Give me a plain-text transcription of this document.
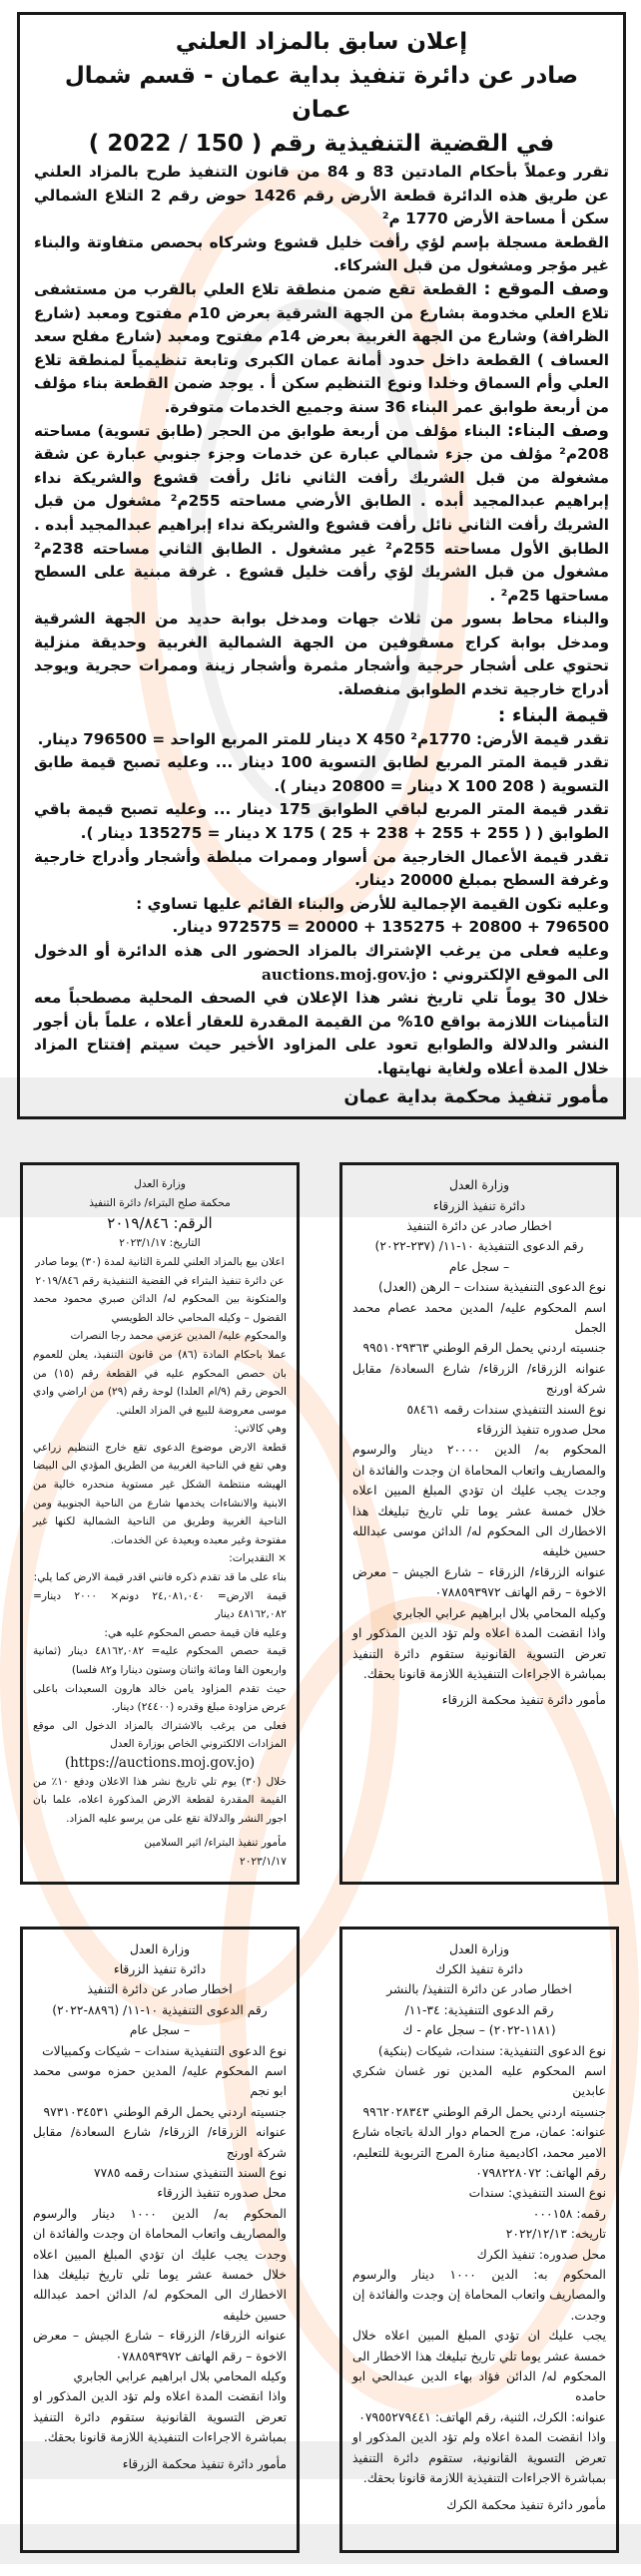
إعلان سابق بالمزاد العلني

صادر عن دائرة تنفيذ بداية عمان - قسم شمال عمان

في القضية التنفيذية رقم ( 150 / 2022 )

تقرر وعملاً بأحكام المادتين 83 و 84 من قانون التنفيذ طرح بالمزاد العلني عن طريق هذه الدائرة قطعة الأرض رقم 1426 حوض رقم 2 التلاع الشمالي سكن أ مساحة الأرض 1770 م²

القطعة مسجلة بإسم لؤي رأفت خليل قشوع وشركاه بحصص متفاوتة والبناء غير مؤجر ومشغول من قبل الشركاء.

وصف الموقع : القطعة تقع ضمن منطقة تلاع العلي بالقرب من مستشفى تلاع العلي مخدومة بشارع من الجهة الشرقية بعرض 10م مفتوح ومعبد (شارع الظرافة) وشارع من الجهة الغربية بعرض 14م مفتوح ومعبد (شارع مفلح سعد العساف ) القطعة داخل حدود أمانة عمان الكبرى وتابعة تنظيمياً لمنطقة تلاع العلي وأم السماق وخلدا ونوع التنظيم سكن أ . يوجد ضمن القطعة بناء مؤلف من أربعة طوابق عمر البناء 36 سنة وجميع الخدمات متوفرة.

وصف البناء: البناء مؤلف من أربعة طوابق من الحجر (طابق تسوية) مساحته 208م² مؤلف من جزء شمالي عبارة عن خدمات وجزء جنوبي عبارة عن شقة مشغولة من قبل الشريك رأفت الثاني نائل رأفت قشوع والشريكة نداء إبراهيم عبدالمجيد أبده . الطابق الأرضي مساحته 255م² مشغول من قبل الشريك رأفت الثاني نائل رأفت قشوع والشريكة نداء إبراهيم عبدالمجيد أبده . الطابق الأول مساحته 255م² غير مشغول . الطابق الثاني مساحته 238م² مشغول من قبل الشريك لؤي رأفت خليل قشوع . غرفة مبنية على السطح مساحتها 25م² .

والبناء محاط بسور من ثلاث جهات ومدخل بوابة حديد من الجهة الشرقية ومدخل بوابة كراج مسقوفين من الجهة الشمالية الغربية وحديقة منزلية تحتوي على أشجار حرجية وأشجار مثمرة وأشجار زينة وممرات حجرية ويوجد أدراج خارجية تخدم الطوابق منفصلة.

قيمة البناء :

تقدر قيمة الأرض: 1770م² X 450 دينار للمتر المربع الواحد = 796500 دينار.

تقدر قيمة المتر المربع لطابق التسوية 100 دينار ... وعليه تصبح قيمة طابق التسوية ( 208 X 100 دينار = 20800 دينار ).

تقدر قيمة المتر المربع لباقي الطوابق 175 دينار ... وعليه تصبح قيمة باقي الطوابق ( ( 255 + 255 + 238 + 25 ) X 175 دينار = 135275 دينار ).

تقدر قيمة الأعمال الخارجية من أسوار وممرات مبلطة وأشجار وأدراج خارجية وغرفة السطح بمبلغ 20000 دينار.

وعليه تكون القيمة الإجمالية للأرض والبناء القائم عليها تساوي :

796500 + 20800 + 135275 + 20000 = 972575 دينار.

وعليه فعلى من يرغب الإشتراك بالمزاد الحضور الى هذه الدائرة أو الدخول الى الموقع الإلكتروني : auctions.moj.gov.jo

خلال 30 يوماً تلي تاريخ نشر هذا الإعلان في الصحف المحلية مصطحباً معه التأمينات اللازمة بواقع 10% من القيمة المقدرة للعقار أعلاه ، علماً بأن أجور النشر والدلالة والطوابع تعود على المزاود الأخير حيث سيتم إفتتاح المزاد خلال المدة أعلاه ولغاية نهايتها.

مأمور تنفيذ محكمة بداية عمان

وزارة العدل

دائرة تنفيذ الزرقاء

اخطار صادر عن دائرة التنفيذ

رقم الدعوى التنفيذية ١٠-١١/ (٢٣٧-٢٠٢٢)

– سجل عام

نوع الدعوى التنفيذية سندات – الرهن (العدل)

اسم المحكوم عليه/ المدين محمد عصام محمد الجمل

جنسيته اردني يحمل الرقم الوطني ٩٩٥١٠٢٩٣٦٣

عنوانه الزرقاء/ الزرقاء/ شارع السعادة/ مقابل شركة اورنج

نوع السند التنفيذي سندات رقمه ٥٨٤٦١

محل صدوره تنفيذ الزرقاء

المحكوم به/ الدين ٢٠٠٠٠ دينار والرسوم والمصاريف واتعاب المحاماة ان وجدت والفائدة ان وجدت يجب عليك ان تؤدي المبلغ المبين اعلاه خلال خمسة عشر يوما تلي تاريخ تبليغك هذا الاخطارك الى المحكوم له/ الدائن موسى عبدالله حسين خليفه

عنوانه الزرقاء/ الزرقاء – شارع الجيش – معرض الاخوة – رقم الهاتف ٠٧٨٨٥٩٣٩٧٢

وكيله المحامي بلال ابراهيم عرابي الجابري

واذا انقضت المدة اعلاه ولم تؤد الدين المذكور او تعرض التسوية القانونية ستقوم دائرة التنفيذ بمباشرة الاجراءات التنفيذية اللازمة قانونا بحقك.

مأمور دائرة تنفيذ محكمة الزرقاء

وزارة العدل

محكمة صلح البتراء/ دائرة التنفيذ

الرقم: ٢٠١٩/٨٤٦

التاريخ: ٢٠٢٣/١/١٧

اعلان بيع بالمزاد العلني للمرة الثانية لمدة (٣٠) يوما صادر عن دائرة تنفيذ البتراء في القضية التنفيذية رقم ٢٠١٩/٨٤٦

والمتكونة بين المحكوم له/ الدائن صبري محمود محمد القضول – وكيله المحامي خالد الطويسي

والمحكوم عليه/ المدين عزمي محمد رجا النصرات

عملا باحكام المادة (٨٦) من قانون التنفيذ، يعلن للعموم بان حصص المحكوم عليه في القطعة رقم (١٥) من الحوض رقم (٩/ام العلدا) لوحة رقم (٢٩) من اراضي وادي موسى معروضة للبيع في المزاد العلني.

وهي كالاتي:

قطعة الارض موضوع الدعوى تقع خارج التنظيم زراعي وهي تقع في الناحية الغربية من الطريق المؤدي الى البيضا الهيشه منتظمة الشكل غير مستوية منحدره خالية من الابنية والانشاءات يخدمها شارع من الناحية الجنوبية ومن الناحية الغربية وطريق من الناحية الشمالية لكنها غير مفتوحة وغير معبده وبعيدة عن الخدمات.

× التقديرات:

بناء على ما قد تقدم ذكره فانني اقدر قيمة الارض كما يلي:

قيمة الارض= ٢٤,٠٨١,٠٤٠ دونم× ٢٠٠٠ دينار= ٤٨١٦٢,٠٨٢ دينار

وعليه فان قيمة حصص المحكوم عليه هي:

قيمة حصص المحكوم عليه= ٤٨١٦٢,٠٨٢ دينار (ثمانية واربعون الفا ومائة واثنان وستون دينارا و٨٢ فلسا)

حيث تقدم المزاود يامن خالد هارون السعيدات باعلى عرض مزاودة مبلغ وقدره (٢٤٤٠٠) دينار.

فعلى من يرغب بالاشتراك بالمزاد الدخول الى موقع المزادات الالكتروني الخاص بوزارة العدل

(https://auctions.moj.gov.jo)

خلال (٣٠) يوم تلي تاريخ نشر هذا الاعلان ودفع ١٠٪ من القيمة المقدرة لقطعة الارض المذكورة اعلاه، علما بان اجور النشر والدلالة تقع على من يرسو عليه المزاد.

مأمور تنفيذ البتراء/ اثير السلامين

٢٠٢٣/١/١٧

وزارة العدل

دائرة تنفيذ الكرك

اخطار صادر عن دائرة التنفيذ/ بالنشر

رقم الدعوى التنفيذية: ٣٤-١١/

(١١٨١-٢٠٢٢) – سجل عام - ك

نوع الدعوى التنفيذية: سندات، شيكات (بنكية)

اسم المحكوم عليه المدين نور غسان شكري عابدين

جنسيته اردني يحمل الرقم الوطني ٩٩٦٢٠٢٨٣٤٣

عنوانه: عمان، مرج الحمام دوار الدلة باتجاه شارع الامير محمد، اكاديمية منارة المرج التربوية للتعليم، رقم الهاتف: ٠٧٩٨٢٢٨٠٧٢

نوع السند التنفيذي: سندات

رقمه: ٠٠٠١٥٨

تاريخه: ٢٠٢٢/١٢/١٣

محل صدوره: تنفيذ الكرك

المحكوم به: الدين ١٠٠٠ دينار والرسوم والمصاريف واتعاب المحاماة إن وجدت والفائدة إن وجدت.

يجب عليك ان تؤدي المبلغ المبين اعلاه خلال خمسة عشر يوما تلي تاريخ تبليغك هذا الاخطار الى المحكوم له/ الدائن فؤاد بهاء الدين عبدالحي ابو حامده

عنوانه: الكرك، الثنية، رقم الهاتف: ٠٧٩٥٥٢٧٩٤٤١

واذا انقضت المدة اعلاه ولم تؤد الدين المذكور او تعرض التسوية القانونية، ستقوم دائرة التنفيذ بمباشرة الاجراءات التنفيذية اللازمة قانونا بحقك.

مأمور دائرة تنفيذ محكمة الكرك

وزارة العدل

دائرة تنفيذ الزرقاء

اخطار صادر عن دائرة التنفيذ

رقم الدعوى التنفيذية ١٠-١١/ (٨٨٩٦-٢٠٢٢)

– سجل عام

نوع الدعوى التنفيذية سندات – شيكات وكمبيالات

اسم المحكوم عليه/ المدين حمزه موسى محمد ابو نجم

جنسيته اردني يحمل الرقم الوطني ٩٧٣١٠٣٤٥٣١

عنوانه الزرقاء/ الزرقاء/ شارع السعادة/ مقابل شركة اورنج

نوع السند التنفيذي سندات رقمه ٧٧٨٥

محل صدوره تنفيذ الزرقاء

المحكوم به/ الدين ١٠٠٠ دينار والرسوم والمصاريف واتعاب المحاماة ان وجدت والفائدة ان وجدت يجب عليك ان تؤدي المبلغ المبين اعلاه خلال خمسة عشر يوما تلي تاريخ تبليغك هذا الاخطارك الى المحكوم له/ الدائن احمد عبدالله حسين خليفه

عنوانه الزرقاء/ الزرقاء – شارع الجيش – معرض الاخوة – رقم الهاتف ٠٧٨٨٥٩٣٩٧٢

وكيله المحامي بلال ابراهيم عرابي الجابري

واذا انقضت المدة اعلاه ولم تؤد الدين المذكور او تعرض التسوية القانونية ستقوم دائرة التنفيذ بمباشرة الاجراءات التنفيذية اللازمة قانونا بحقك.

مأمور دائرة تنفيذ محكمة الزرقاء
